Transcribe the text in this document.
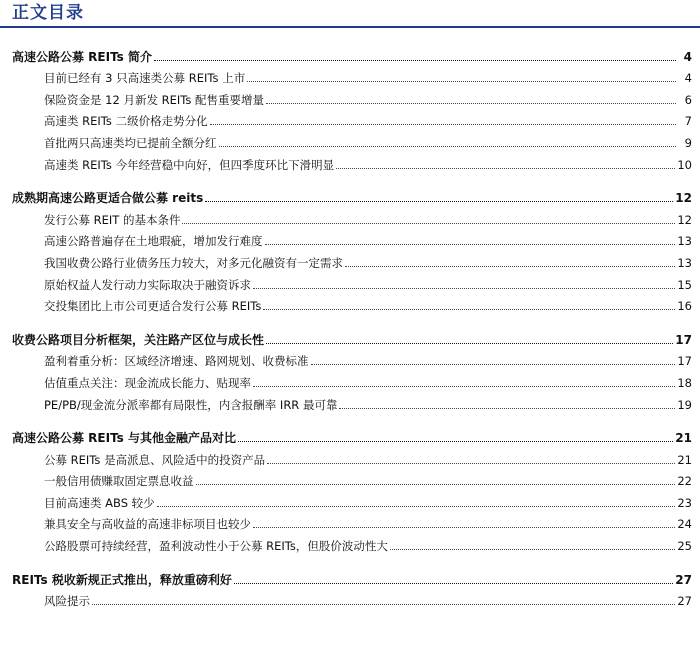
正文目录
高速公路公募 REITs 简介	4
目前已经有 3 只高速类公募 REITs 上市	4
保险资金是 12 月新发 REITs 配售重要增量	6
高速类 REITs 二级价格走势分化	7
首批两只高速类均已提前全额分红	9
高速类 REITs 今年经营稳中向好，但四季度环比下滑明显	10
成熟期高速公路更适合做公募 reits	12
发行公募 REIT 的基本条件	12
高速公路普遍存在土地瑕疵，增加发行难度	13
我国收费公路行业债务压力较大，对多元化融资有一定需求	13
原始权益人发行动力实际取决于融资诉求	15
交投集团比上市公司更适合发行公募 REITs	16
收费公路项目分析框架，关注路产区位与成长性	17
盈利着重分析：区域经济增速、路网规划、收费标准	17
估值重点关注：现金流成长能力、贴现率	18
PE/PB/现金流分派率都有局限性，内含报酬率 IRR 最可靠	19
高速公路公募 REITs 与其他金融产品对比	21
公募 REITs 是高派息、风险适中的投资产品	21
一般信用债赚取固定票息收益	22
目前高速类 ABS 较少	23
兼具安全与高收益的高速非标项目也较少	24
公路股票可持续经营，盈利波动性小于公募 REITs，但股价波动性大	25
REITs 税收新规正式推出，释放重磅利好	27
风险提示	27
